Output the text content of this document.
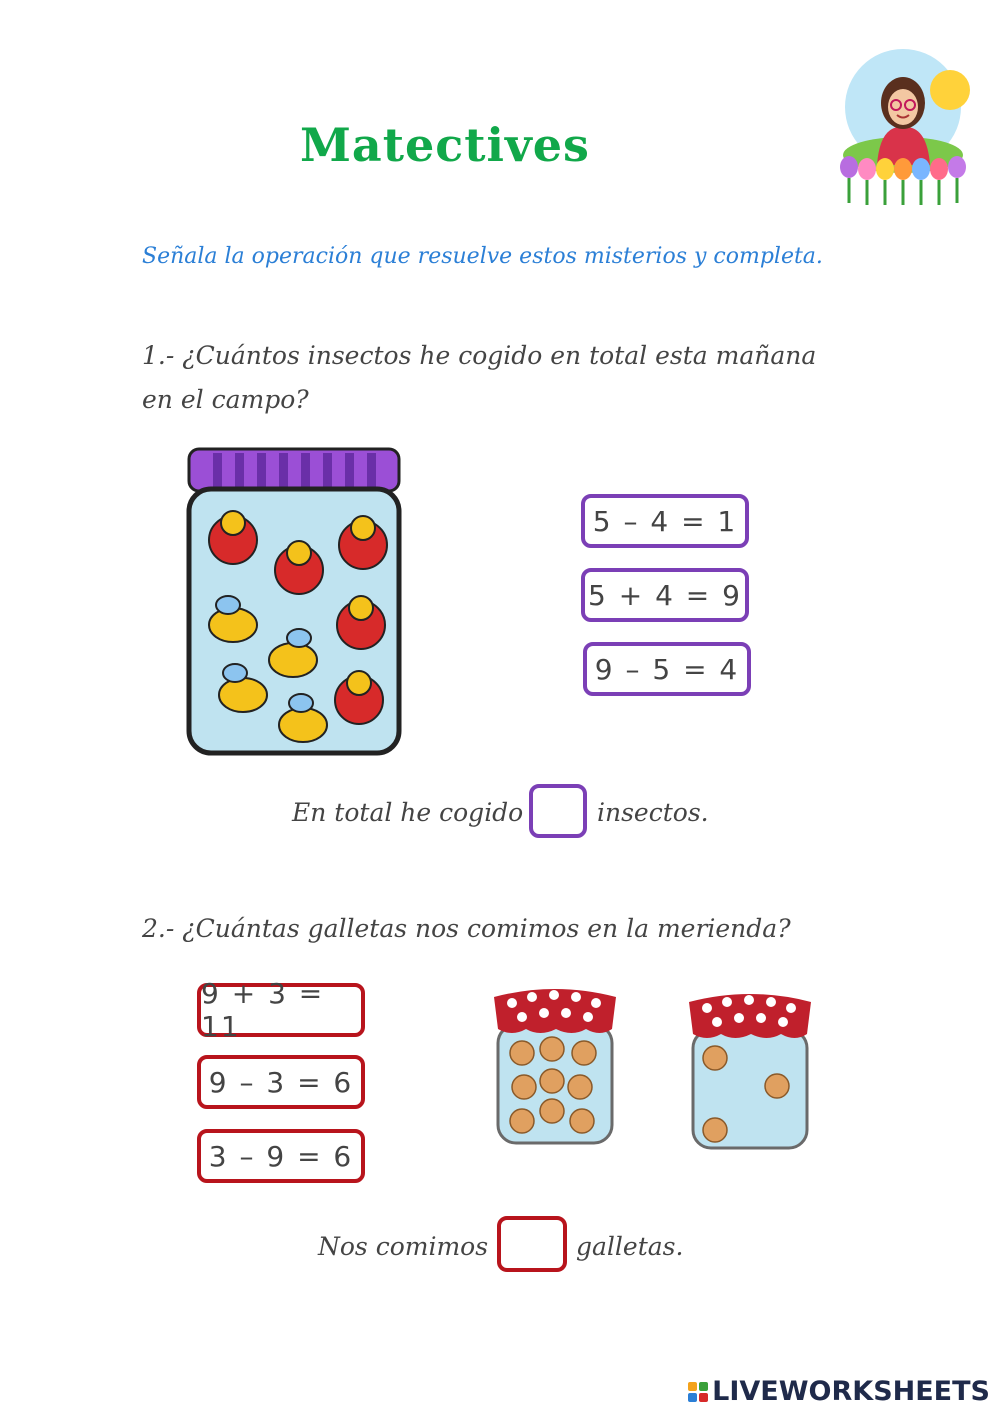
Matectives
Señala la operación que resuelve estos misterios y completa.
1.- ¿Cuántos insectos he cogido en total esta mañana
en el campo?
5 – 4 = 1
5 + 4 = 9
9 – 5 = 4
En total he cogido	insectos.
2.- ¿Cuántas galletas nos comimos en la merienda?
9 + 3 = 11
9 – 3 = 6
3 – 9 = 6
Nos comimos	galletas.
LIVEWORKSHEETS
